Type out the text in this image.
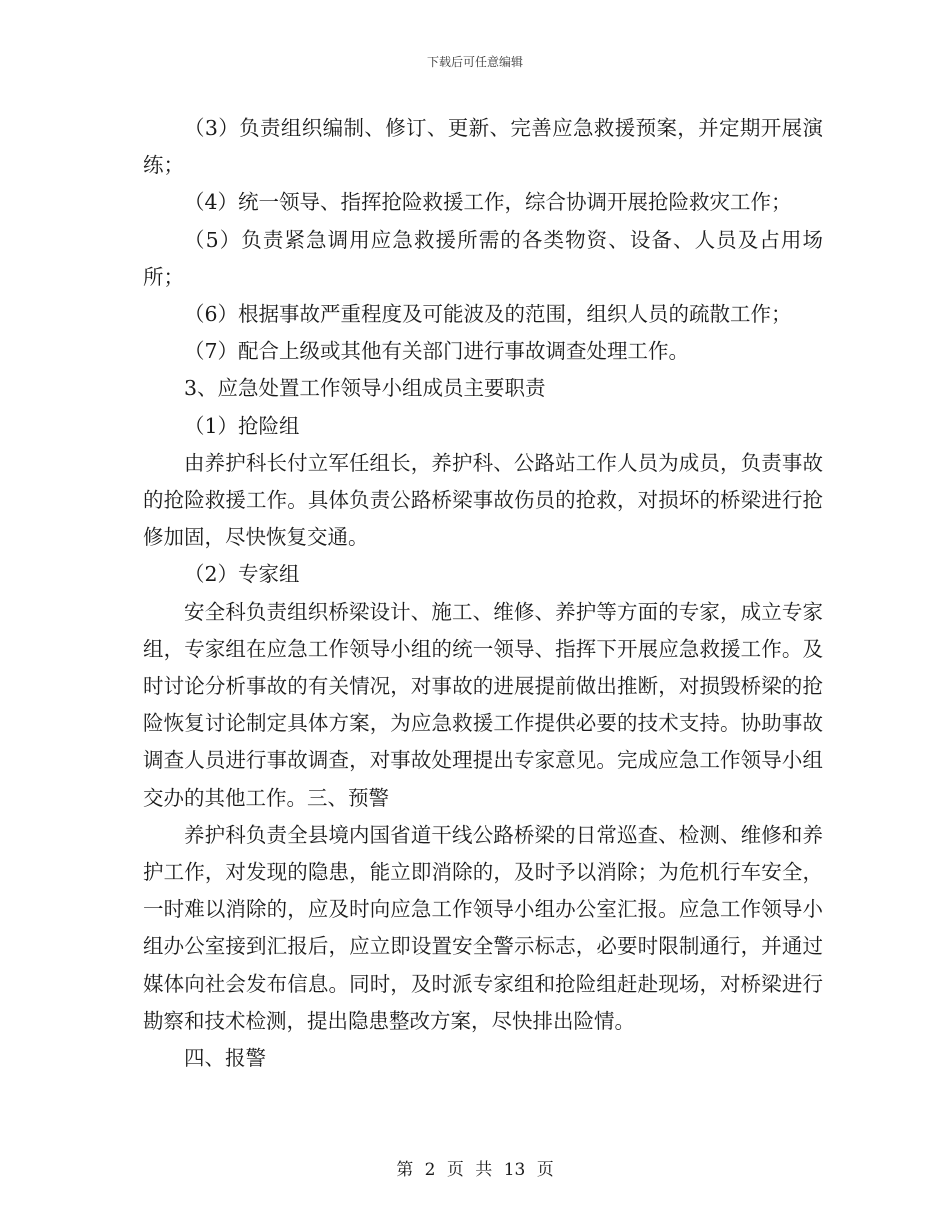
下载后可任意编辑

（3）负责组织编制、修订、更新、完善应急救援预案，并定期开展演练；

（4）统一领导、指挥抢险救援工作，综合协调开展抢险救灾工作；

（5）负责紧急调用应急救援所需的各类物资、设备、人员及占用场所；

（6）根据事故严重程度及可能波及的范围，组织人员的疏散工作；

（7）配合上级或其他有关部门进行事故调查处理工作。

3、应急处置工作领导小组成员主要职责

（1）抢险组

由养护科长付立军任组长，养护科、公路站工作人员为成员，负责事故的抢险救援工作。具体负责公路桥梁事故伤员的抢救，对损坏的桥梁进行抢修加固，尽快恢复交通。

（2）专家组

安全科负责组织桥梁设计、施工、维修、养护等方面的专家，成立专家组，专家组在应急工作领导小组的统一领导、指挥下开展应急救援工作。及时讨论分析事故的有关情况，对事故的进展提前做出推断，对损毁桥梁的抢险恢复讨论制定具体方案，为应急救援工作提供必要的技术支持。协助事故调查人员进行事故调查，对事故处理提出专家意见。完成应急工作领导小组交办的其他工作。三、预警

养护科负责全县境内国省道干线公路桥梁的日常巡查、检测、维修和养护工作，对发现的隐患，能立即消除的，及时予以消除；为危机行车安全，一时难以消除的，应及时向应急工作领导小组办公室汇报。应急工作领导小组办公室接到汇报后，应立即设置安全警示标志，必要时限制通行，并通过媒体向社会发布信息。同时，及时派专家组和抢险组赶赴现场，对桥梁进行勘察和技术检测，提出隐患整改方案，尽快排出险情。

四、报警

第 2 页 共 13 页
